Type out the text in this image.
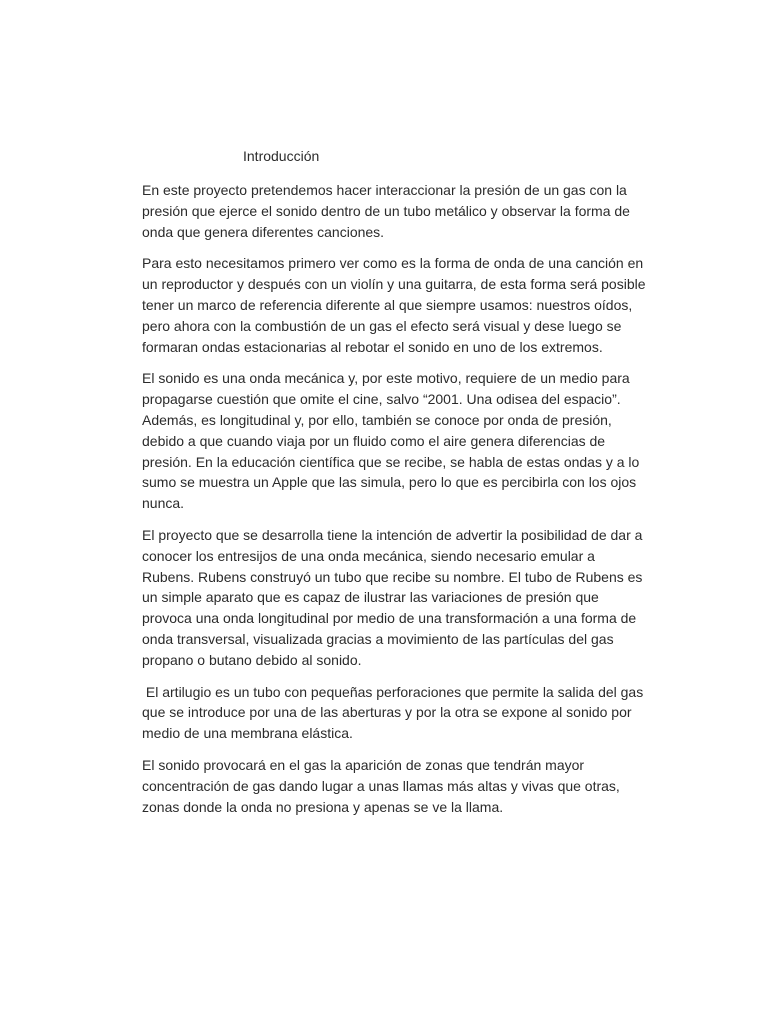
Introducción

En este proyecto pretendemos hacer interaccionar la presión de un gas con la presión que ejerce el sonido dentro de un tubo metálico y observar la forma de onda que genera diferentes canciones.

Para esto necesitamos primero ver como es la forma de onda de una canción en un reproductor y después con un violín y una guitarra, de esta forma será posible tener un marco de referencia diferente al que siempre usamos: nuestros oídos, pero ahora con la combustión de un gas el efecto será visual y dese luego se formaran ondas estacionarias al rebotar el sonido en uno de los extremos.

El sonido es una onda mecánica y, por este motivo, requiere de un medio para propagarse cuestión que omite el cine, salvo “2001. Una odisea del espacio”. Además, es longitudinal y, por ello, también se conoce por onda de presión, debido a que cuando viaja por un fluido como el aire genera diferencias de presión. En la educación científica que se recibe, se habla de estas ondas y a lo sumo se muestra un Apple que las simula, pero lo que es percibirla con los ojos nunca.

El proyecto que se desarrolla tiene la intención de advertir la posibilidad de dar a conocer los entresijos de una onda mecánica, siendo necesario emular a Rubens. Rubens construyó un tubo que recibe su nombre. El tubo de Rubens es un simple aparato que es capaz de ilustrar las variaciones de presión que provoca una onda longitudinal por medio de una transformación a una forma de onda transversal, visualizada gracias a movimiento de las partículas del gas propano o butano debido al sonido.

El artilugio es un tubo con pequeñas perforaciones que permite la salida del gas que se introduce por una de las aberturas y por la otra se expone al sonido por medio de una membrana elástica.

El sonido provocará en el gas la aparición de zonas que tendrán mayor concentración de gas dando lugar a unas llamas más altas y vivas que otras, zonas donde la onda no presiona y apenas se ve la llama.
